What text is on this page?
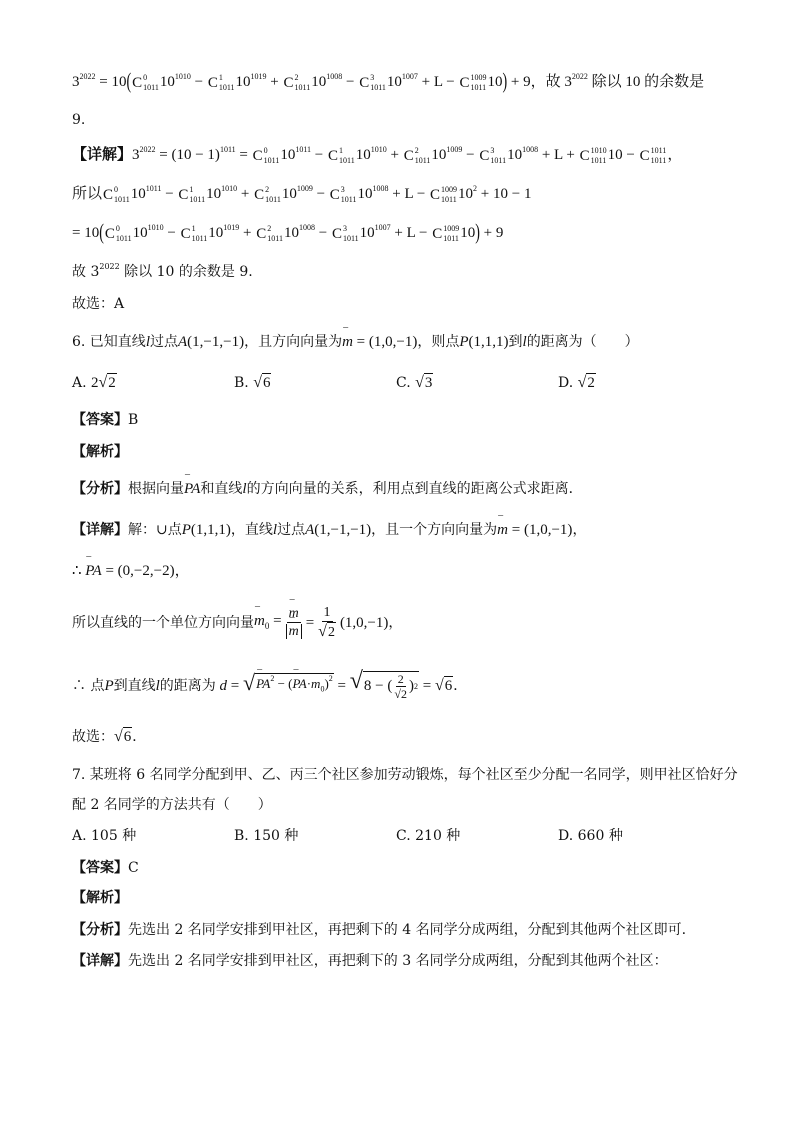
$3^{2022} = 10$( C 0
1011 $10^{1010} - C$ 1
1011 $10^{1019} + C$ 2
1011 $10^{1008} - C$ 3
1011 $10^{1007} + L - C$ 1009
1011 10) + 9，故 $3^{2022}$ 除以 10 的余数是
9.
【详解】$3^{2022} = (10 - 1)^{1011} = C$ 0
1011 $10^{1011} - C$ 1
1011 $10^{1010} + C$ 2
1011 $10^{1009} - C$ 3
1011 $10^{1008} + L + C$ 1010
1011 10 − C 1011
1011 ，
所以 C 0
1011 $10^{1011} - C$ 1
1011 $10^{1010} + C$ 2
1011 $10^{1009} - C$ 3
1011 $10^{1008} + L - C$ 1009
1011 $10^2 + 10 - 1$
= 10( C 0
1011 $10^{1010} - C$ 1
1011 $10^{1019} + C$ 2
1011 $10^{1008} - C$ 3
1011 $10^{1007} + L - C$ 1009
1011 10) + 9
故 $3^{2022}$ 除以 10 的余数是 9.
故选：A
6. 已知直线l过点A(1,−1,−1)，且方向向量为¯ m = (1,0,−1)，则点P(1,1,1)到l的距离为（　　）
A. 2 √ 2	B. √ 6	C. √ 3	D. √ 2
【答案】B
【解析】
【分析】根据向量¯ PA和直线l的方向向量的关系，利用点到直线的距离公式求距离．
【详解】解：∪点P(1,1,1)，直线l过点A(1,−1,−1)，且一个方向向量为¯ m = (1,0,−1)，
∴ ¯ PA = (0,−2,−2)，
所以直线的一个单位方向向量 ¯ $m_0$ = ¯ m
¯ $m = \frac{1}{√ 2} (1,0,-1)$ ，
∴ 点 P 到直线 l 的距离为 d = √ ¯ $PA^2$ − (¯ $PA\cdot m_0)^2$ = √ 8 − ( $\frac{2}{√2}$ ) 2 = √ 6 ．
故选： √ 6 ．
7. 某班将 6 名同学分配到甲、乙、丙三个社区参加劳动锻炼，每个社区至少分配一名同学，则甲社区恰好分
配 2 名同学的方法共有（　　）
A. 105 种	B. 150 种	C. 210 种	D. 660 种
【答案】C
【解析】
【分析】先选出 2 名同学安排到甲社区，再把剩下的 4 名同学分成两组，分配到其他两个社区即可.
【详解】先选出 2 名同学安排到甲社区，再把剩下的 3 名同学分成两组，分配到其他两个社区：
